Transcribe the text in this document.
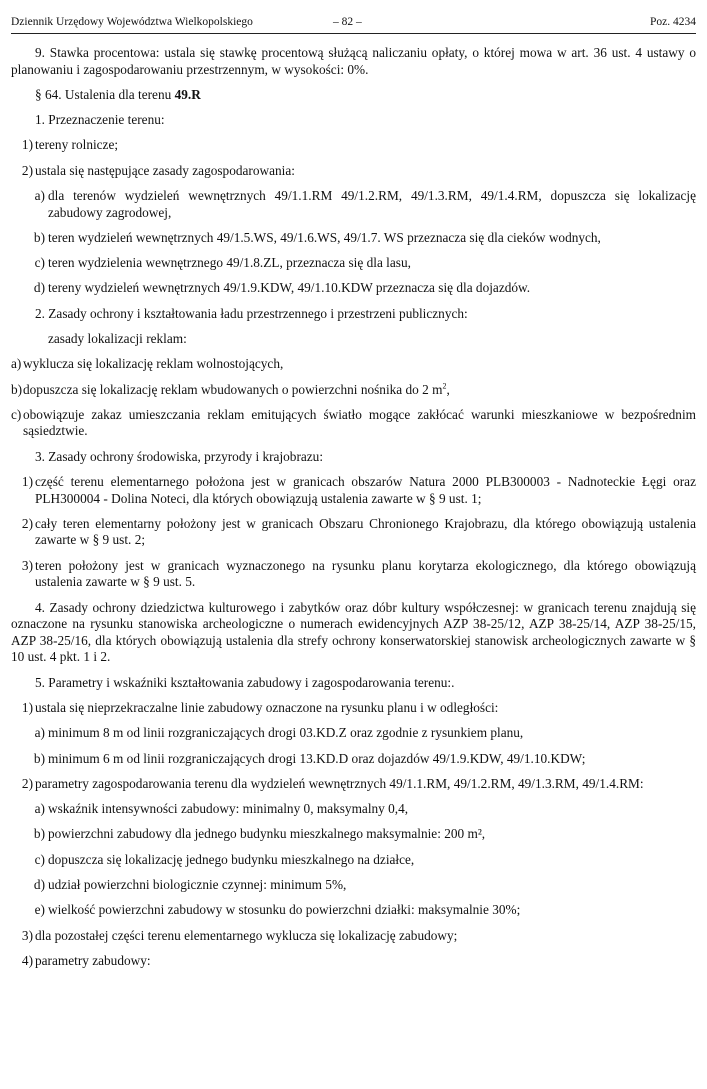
Dziennik Urzędowy Województwa Wielkopolskiego	– 82 –	Poz. 4234

9. Stawka procentowa: ustala się stawkę procentową służącą naliczaniu opłaty, o której mowa w art. 36 ust. 4 ustawy o planowaniu i zagospodarowaniu przestrzennym, w wysokości: 0%.

§ 64. Ustalenia dla terenu 49.R

1. Przeznaczenie terenu:

1) tereny rolnicze;

2) ustala się następujące zasady zagospodarowania:

a) dla terenów wydzieleń wewnętrznych 49/1.1.RM 49/1.2.RM, 49/1.3.RM, 49/1.4.RM, dopuszcza się lokalizację zabudowy zagrodowej,

b) teren wydzieleń wewnętrznych 49/1.5.WS, 49/1.6.WS, 49/1.7. WS przeznacza się dla cieków wodnych,

c) teren wydzielenia wewnętrznego 49/1.8.ZL, przeznacza się dla lasu,

d) tereny wydzieleń wewnętrznych 49/1.9.KDW, 49/1.10.KDW przeznacza się dla dojazdów.

2. Zasady ochrony i kształtowania ładu przestrzennego i przestrzeni publicznych:

zasady lokalizacji reklam:

a) wyklucza się lokalizację reklam wolnostojących,

b) dopuszcza się lokalizację reklam wbudowanych o powierzchni nośnika do 2 $m^2$,

c) obowiązuje zakaz umieszczania reklam emitujących światło mogące zakłócać warunki mieszkaniowe w bezpośrednim sąsiedztwie.

3. Zasady ochrony środowiska, przyrody i krajobrazu:

1) część terenu elementarnego położona jest w granicach obszarów Natura 2000 PLB300003 - Nadnoteckie Łęgi oraz PLH300004 - Dolina Noteci, dla których obowiązują ustalenia zawarte w § 9 ust. 1;

2) cały teren elementarny położony jest w granicach Obszaru Chronionego Krajobrazu, dla którego obowiązują ustalenia zawarte w § 9 ust. 2;

3) teren położony jest w granicach wyznaczonego na rysunku planu korytarza ekologicznego, dla którego obowiązują ustalenia zawarte w § 9 ust. 5.

4. Zasady ochrony dziedzictwa kulturowego i zabytków oraz dóbr kultury współczesnej: w granicach terenu znajdują się oznaczone na rysunku stanowiska archeologiczne o numerach ewidencyjnych AZP 38-25/12, AZP 38-25/14, AZP 38-25/15, AZP 38-25/16, dla których obowiązują ustalenia dla strefy ochrony konserwatorskiej stanowisk archeologicznych zawarte w § 10 ust. 4 pkt. 1 i 2.

5. Parametry i wskaźniki kształtowania zabudowy i zagospodarowania terenu:.

1) ustala się nieprzekraczalne linie zabudowy oznaczone na rysunku planu i w odległości:

a) minimum 8 m od linii rozgraniczających drogi 03.KD.Z oraz zgodnie z rysunkiem planu,

b) minimum 6 m od linii rozgraniczających drogi 13.KD.D oraz dojazdów 49/1.9.KDW, 49/1.10.KDW;

2) parametry zagospodarowania terenu dla wydzieleń wewnętrznych 49/1.1.RM, 49/1.2.RM, 49/1.3.RM, 49/1.4.RM:

a) wskaźnik intensywności zabudowy: minimalny 0, maksymalny 0,4,

b) powierzchni zabudowy dla jednego budynku mieszkalnego maksymalnie: 200 m²,

c) dopuszcza się lokalizację jednego budynku mieszkalnego na działce,

d) udział powierzchni biologicznie czynnej: minimum 5%,

e) wielkość powierzchni zabudowy w stosunku do powierzchni działki: maksymalnie 30%;

3) dla pozostałej części terenu elementarnego wyklucza się lokalizację zabudowy;

4) parametry zabudowy:
